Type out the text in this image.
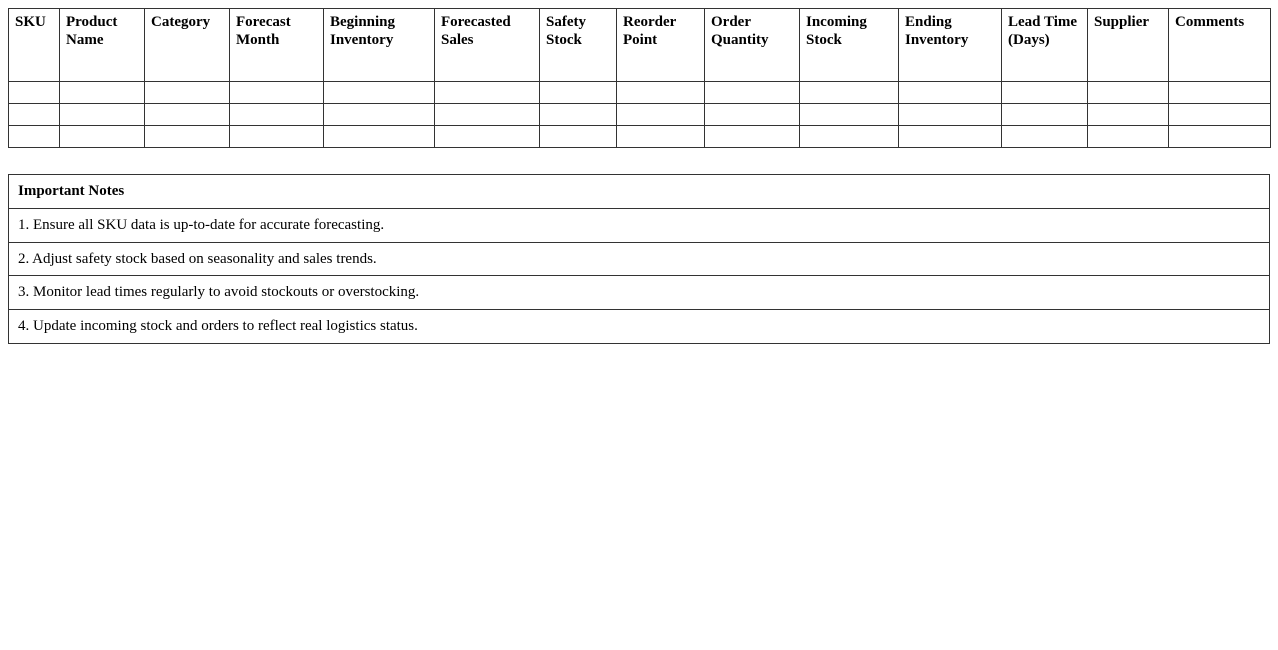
SKU	Product Name	Category	Forecast Month	Beginning Inventory	Forecasted Sales	Safety Stock	Reorder Point	Order Quantity	Incoming Stock	Ending Inventory	Lead Time (Days)	Supplier	Comments

Important Notes
1. Ensure all SKU data is up-to-date for accurate forecasting.
2. Adjust safety stock based on seasonality and sales trends.
3. Monitor lead times regularly to avoid stockouts or overstocking.
4. Update incoming stock and orders to reflect real logistics status.
